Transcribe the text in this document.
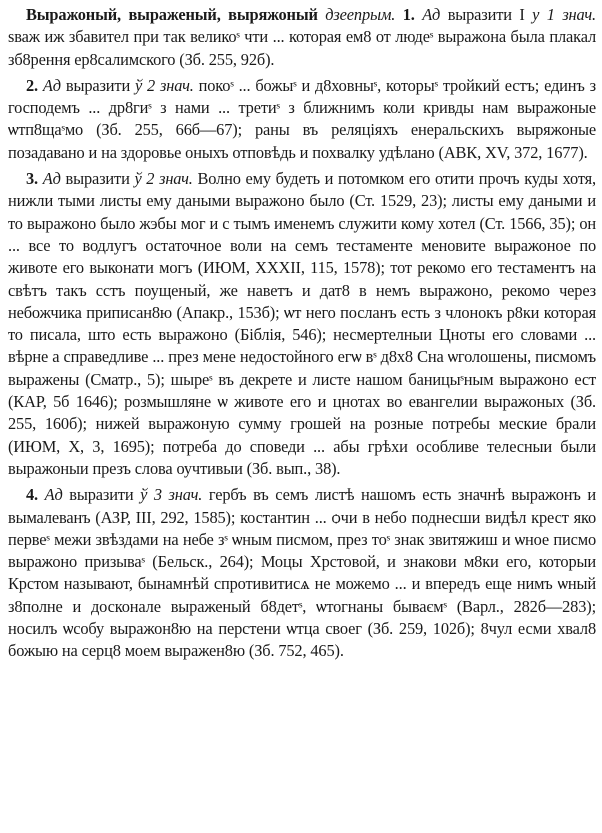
Выражоный, выраженый, выряжоный дзеепрым. 1. Ад выразити І у 1 знач. ѕваж иж збавител при так великоˢ чти ... которая ем8 от людеˢ выражона была плакал зб8рення ер8салимского (Зб. 255, 92б).

2. Ад выразити ў 2 знач. покоˢ ... божыˢ и д8ховныˢ, которыˢ тройкий естъ; единъ з господемъ ... др8гиˢ з нами ... третиˢ з ближнимъ коли кривды нам выражоные ѡтп8щаˢмо (Зб. 255, 66б—67); раны въ реляціяхъ енеральскихъ выряжоные позадавано и на здоровье оныхъ отповѣдь и похвалку удѣлано (АВК, XV, 372, 1677).

3. Ад выразити ў 2 знач. Волно ему будеть и потомком его отити прочъ куды хотя, нижли тыми листы ему даными выражоно было (Ст. 1529, 23); листы ему даными и то выражоно было жэбы мог и с тымъ именемъ служити кому хотел (Ст. 1566, 35); он ... все то водлугъ остаточное воли на семъ тестаменте меновите выражоное по животе его выконати могъ (ИЮМ, XXXII, 115, 1578); тот рекомо его тестаментъ на свѣтъ такъ сстъ поущеный, же наветъ и дат8 в немъ выражоно, рекомо через небожчика приписан8ю (Апакр., 153б); ѡт него посланъ есть з члонокъ р8ки которая то писала, што есть выражоно (Біблія, 546); несмертелныи Цноты его словами ... вѣрне а справедливе ... през мене недостойного егѡ вˢ д8х8 Сна ѡголошены, писмомъ выражены (Сматр., 5); шыреˢ въ декрете и листе нашом баницыˢным выражоно ест (КАР, 5б 1646); розмышляне ѡ животе его и цнотах во евангелии выражоных (Зб. 255, 160б); нижей выражоную сумму грошей на розные потребы меские брали (ИЮМ, X, 3, 1695); потреба до споведи ... абы грѣхи особливе телесныи были выражоныи презъ слова оучтивыи (Зб. вып., 38).

4. Ад выразити ў 3 знач. гербъ въ семъ листѣ нашомъ есть значнѣ выражонъ и вымалеванъ (АЗР, III, 292, 1585); костантин ... ѻчи в небо поднесши видѣл крест яко первеˢ межи звѣздами на небе зˢ ѡным писмом, през тоˢ знак звитяжиш и ѡное писмо выражоно призываˢ (Бельск., 264); Моцы Хрстовой, и знакови м8ки его, которыи Крстом называют, бынамнѣй спротивитисѧ не можемо ... и впередъ еще нимъ ѡный з8полне и досконале выраженый б8детˢ, ѡтогнаны бываємˢ (Варл., 282б—283); носилъ ѡсобу выражон8ю на перстени ѡтца своег (Зб. 259, 102б); 8чул есми хвал8 божыю на серц8 моем выражен8ю (Зб. 752, 465).
